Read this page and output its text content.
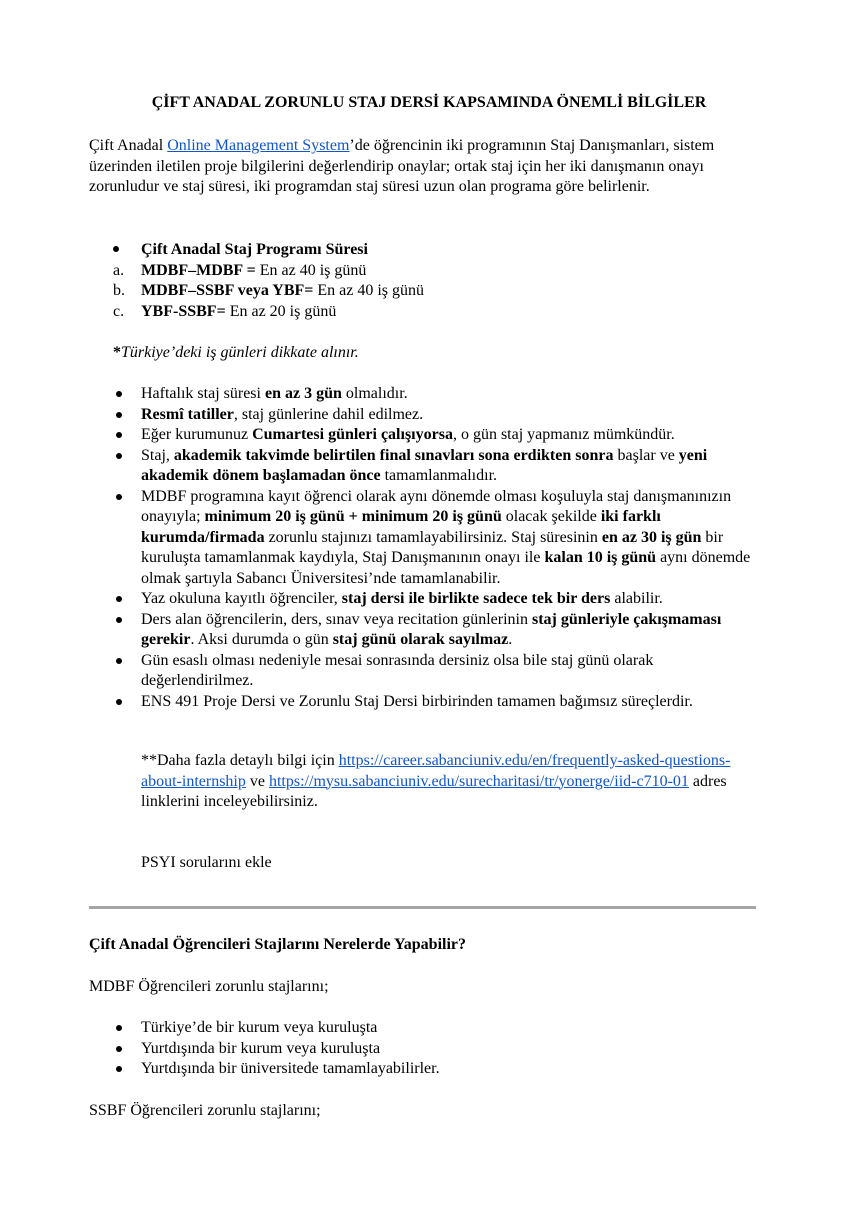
ÇİFT ANADAL ZORUNLU STAJ DERSİ KAPSAMINDA ÖNEMLİ BİLGİLER
Çift Anadal Online Management System’de öğrencinin iki programının Staj Danışmanları, sistem üzerinden iletilen proje bilgilerini değerlendirip onaylar; ortak staj için her iki danışmanın onayı zorunludur ve staj süresi, iki programdan staj süresi uzun olan programa göre belirlenir.
Çift Anadal Staj Programı Süresi
a.	MDBF–MDBF = En az 40 iş günü
b.	MDBF–SSBF veya YBF= En az 40 iş günü
c.	YBF-SSBF= En az 20 iş günü
*Türkiye’deki iş günleri dikkate alınır.
Haftalık staj süresi en az 3 gün olmalıdır.
Resmî tatiller, staj günlerine dahil edilmez.
Eğer kurumunuz Cumartesi günleri çalışıyorsa, o gün staj yapmanız mümkündür.
Staj, akademik takvimde belirtilen final sınavları sona erdikten sonra başlar ve yeni akademik dönem başlamadan önce tamamlanmalıdır.
MDBF programına kayıt öğrenci olarak aynı dönemde olması koşuluyla staj danışmanınızın onayıyla; minimum 20 iş günü + minimum 20 iş günü olacak şekilde iki farklı kurumda/firmada zorunlu stajınızı tamamlayabilirsiniz. Staj süresinin en az 30 iş gün bir kuruluşta tamamlanmak kaydıyla, Staj Danışmanının onayı ile kalan 10 iş günü aynı dönemde olmak şartıyla Sabancı Üniversitesi’nde tamamlanabilir.
Yaz okuluna kayıtlı öğrenciler, staj dersi ile birlikte sadece tek bir ders alabilir.
Ders alan öğrencilerin, ders, sınav veya recitation günlerinin staj günleriyle çakışmaması gerekir. Aksi durumda o gün staj günü olarak sayılmaz.
Gün esaslı olması nedeniyle mesai sonrasında dersiniz olsa bile staj günü olarak değerlendirilmez.
ENS 491 Proje Dersi ve Zorunlu Staj Dersi birbirinden tamamen bağımsız süreçlerdir.
**Daha fazla detaylı bilgi için https://career.sabanciuniv.edu/en/frequently-asked-questions-about-internship ve https://mysu.sabanciuniv.edu/surecharitasi/tr/yonerge/iid-c710-01 adres linklerini inceleyebilirsiniz.
PSYI sorularını ekle
Çift Anadal Öğrencileri Stajlarını Nerelerde Yapabilir?
MDBF Öğrencileri zorunlu stajlarını;
Türkiye’de bir kurum veya kuruluşta
Yurtdışında bir kurum veya kuruluşta
Yurtdışında bir üniversitede tamamlayabilirler.
SSBF Öğrencileri zorunlu stajlarını;
